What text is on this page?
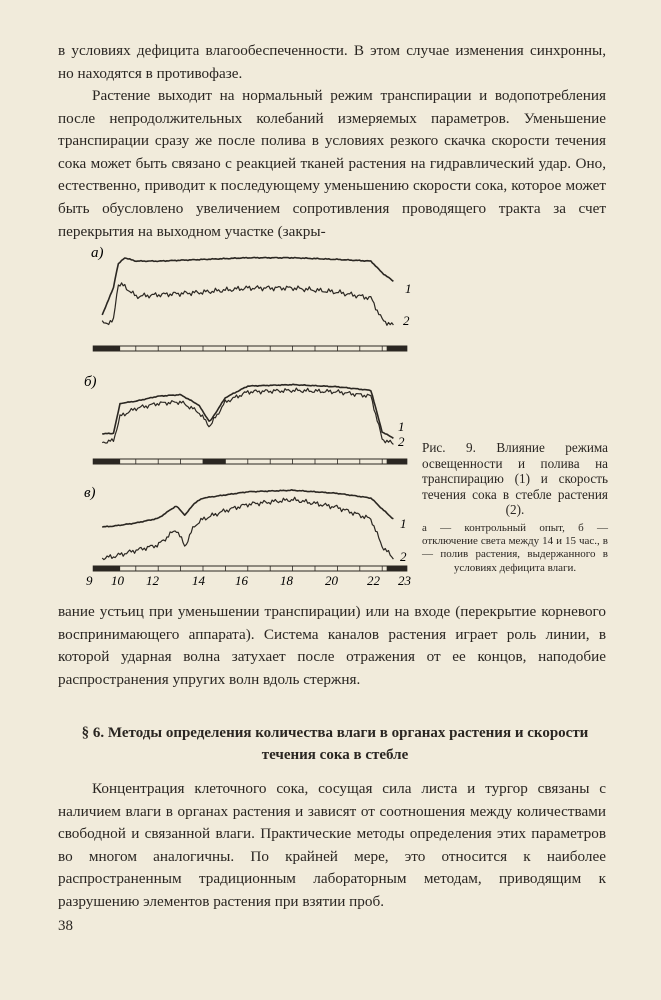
в условиях дефицита влагообеспеченности. В этом случае изменения синхронны, но находятся в противофазе.

Растение выходит на нормальный режим транспирации и водопотребления после непродолжительных колебаний измеряемых параметров. Уменьшение транспирации сразу же после полива в условиях резкого скачка скорости течения сока может быть связано с реакцией тканей растения на гидравлический удар. Оно, естественно, приводит к последующему уменьшению скорости сока, которое может быть обусловлено увеличением сопротивления проводящего тракта за счет перекрытия на выходном участке (закры-

а)
б)
в)
1
2
1
2
1
2
9 10 12	14 16 18 20 22 23

Рис. 9. Влияние режима освещенности и полива на транспирацию (1) и скорость течения сока в стебле растения (2).

а — контрольный опыт, б — отключение света между 14 и 15 час., в — полив растения, выдержанного в условиях дефицита влаги.

вание устьиц при уменьшении транспирации) или на входе (перекрытие корневого воспринимающего аппарата). Система каналов растения играет роль линии, в которой ударная волна затухает после отражения от ее концов, наподобие распространения упругих волн вдоль стержня.

§ 6. Методы определения количества влаги в органах растения и скорости течения сока в стебле

Концентрация клеточного сока, сосущая сила листа и тургор связаны с наличием влаги в органах растения и зависят от соотношения между количествами свободной и связанной влаги. Практические методы определения этих параметров во многом аналогичны. По крайней мере, это относится к наиболее распространенным традиционным лабораторным методам, приводящим к разрушению элементов растения при взятии проб.

38
